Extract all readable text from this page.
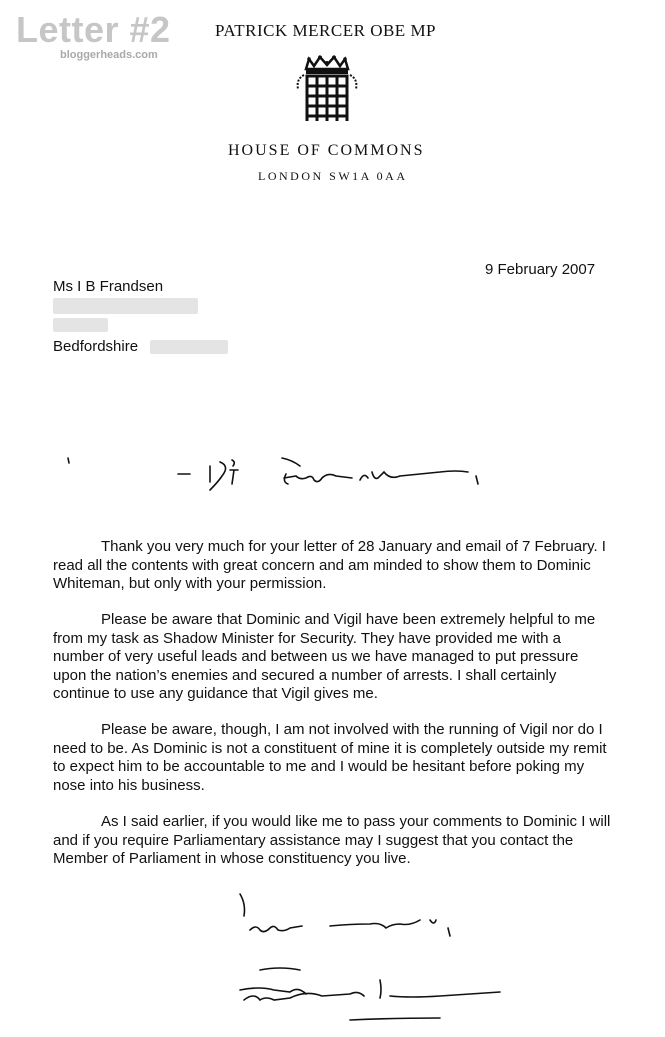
Letter #2
bloggerheads.com
PATRICK MERCER OBE MP
HOUSE OF COMMONS
LONDON SW1A 0AA
9 February 2007
Ms I B Frandsen
Bedfordshire
Thank you very much for your letter of 28 January and email of 7 February. I read all the contents with great concern and am minded to show them to Dominic Whiteman, but only with your permission.
Please be aware that Dominic and Vigil have been extremely helpful to me from my task as Shadow Minister for Security. They have provided me with a number of very useful leads and between us we have managed to put pressure upon the nation’s enemies and secured a number of arrests. I shall certainly continue to use any guidance that Vigil gives me.
Please be aware, though, I am not involved with the running of Vigil nor do I need to be. As Dominic is not a constituent of mine it is completely outside my remit to expect him to be accountable to me and I would be hesitant before poking my nose into his business.
As I said earlier, if you would like me to pass your comments to Dominic I will and if you require Parliamentary assistance may I suggest that you contact the Member of Parliament in whose constituency you live.
